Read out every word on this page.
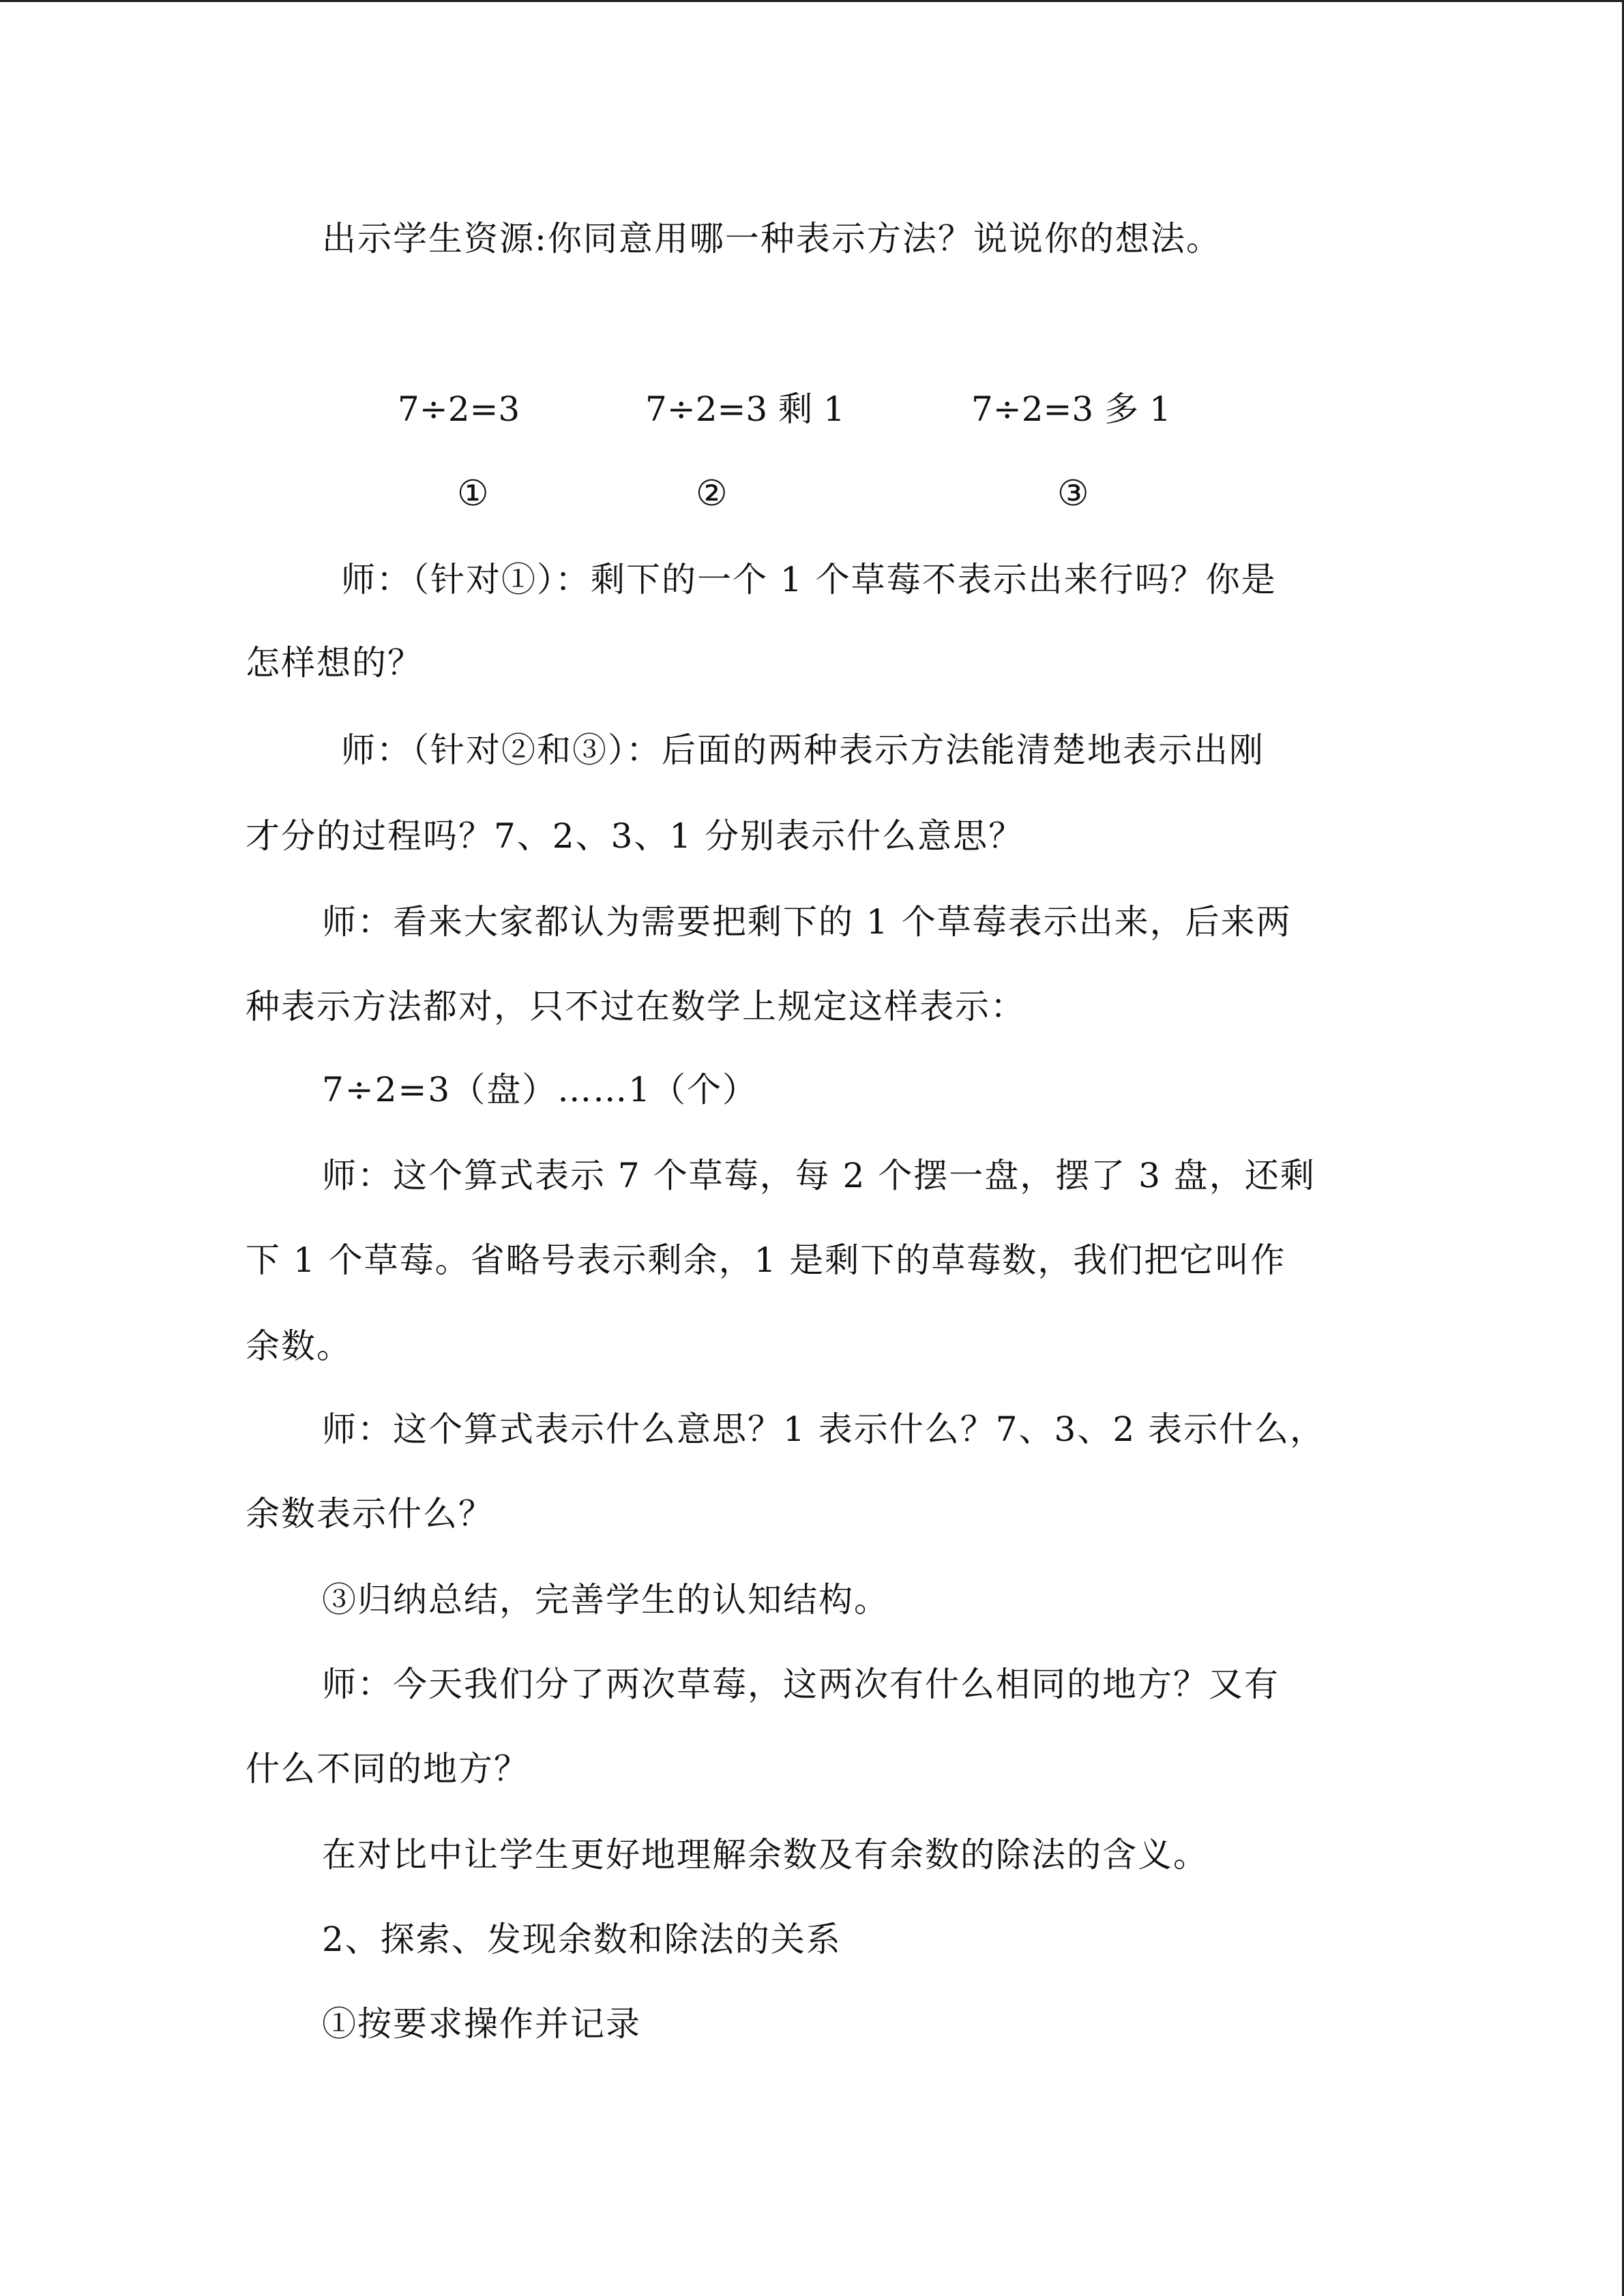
出示学生资源:你同意用哪一种表示方法？说说你的想法。
7÷2=3	7÷2=3 剩 1	7÷2=3 多 1
①	②	③
师：（针对①）：剩下的一个 1 个草莓不表示出来行吗？你是
怎样想的？
师：（针对②和③）：后面的两种表示方法能清楚地表示出刚
才分的过程吗？7、2、3、1 分别表示什么意思？
师：看来大家都认为需要把剩下的 1 个草莓表示出来，后来两
种表示方法都对，只不过在数学上规定这样表示：
7÷2=3（盘）……1（个）
师：这个算式表示 7 个草莓，每 2 个摆一盘，摆了 3 盘，还剩
下 1 个草莓。省略号表示剩余，1 是剩下的草莓数，我们把它叫作
余数。
师：这个算式表示什么意思？1 表示什么？7、3、2 表示什么，
余数表示什么？
③归纳总结，完善学生的认知结构。
师：今天我们分了两次草莓，这两次有什么相同的地方？又有
什么不同的地方？
在对比中让学生更好地理解余数及有余数的除法的含义。
2、探索、发现余数和除法的关系
①按要求操作并记录
